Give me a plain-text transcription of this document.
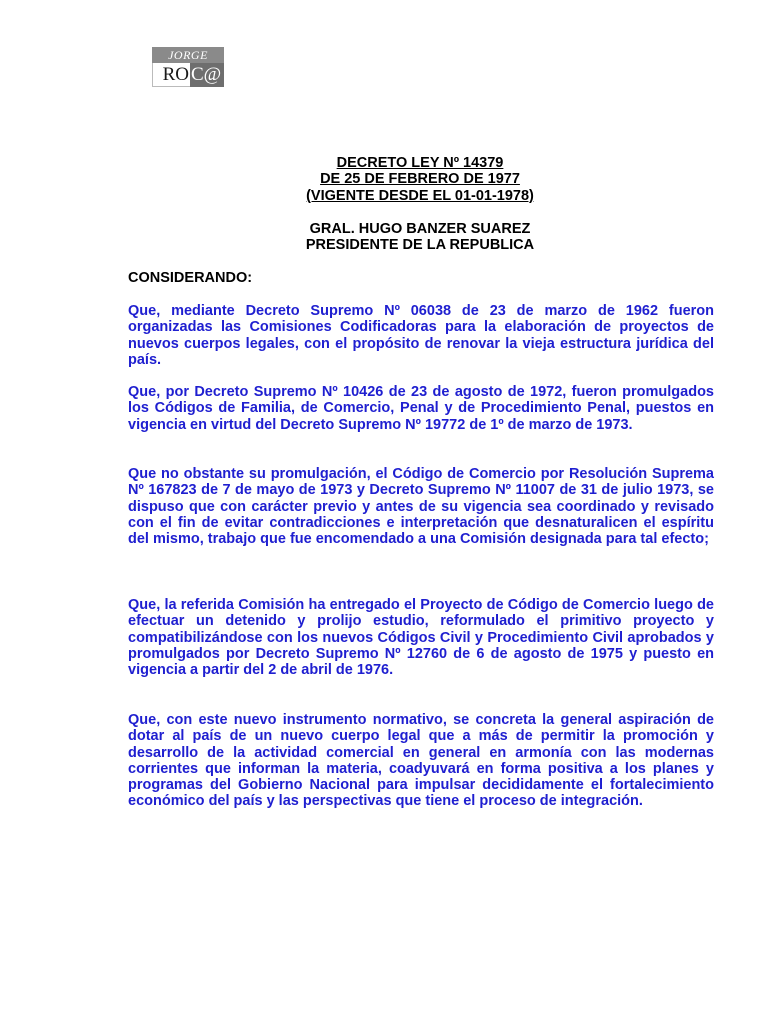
JORGE
RO C@
DECRETO LEY Nº 14379
DE 25 DE FEBRERO DE 1977
(VIGENTE DESDE EL 01-01-1978)
GRAL. HUGO BANZER SUAREZ
PRESIDENTE DE LA REPUBLICA
CONSIDERANDO:
Que, mediante Decreto Supremo Nº 06038 de 23 de marzo de 1962 fueron organizadas las Comisiones Codificadoras para la elaboración de proyectos de nuevos cuerpos legales, con el propósito de renovar la vieja estructura jurídica del país.
Que, por Decreto Supremo Nº 10426 de 23 de agosto de 1972, fueron promulgados los Códigos de Familia, de Comercio, Penal y de Procedimiento Penal, puestos en vigencia en virtud del Decreto Supremo Nº 19772 de 1º de marzo de 1973.
Que no obstante su promulgación, el Código de Comercio por Resolución Suprema Nº 167823 de 7 de mayo de 1973 y Decreto Supremo Nº 11007 de 31 de julio 1973, se dispuso que con carácter previo y antes de su vigencia sea coordinado y revisado con el fin de evitar contradicciones e interpretación que desnaturalicen el espíritu del mismo, trabajo que fue encomendado a una Comisión designada para tal efecto;
Que, la referida Comisión ha entregado el Proyecto de Código de Comercio luego de efectuar un detenido y prolijo estudio, reformulado el primitivo proyecto y compatibilizándose con los nuevos Códigos Civil y Procedimiento Civil aprobados y promulgados por Decreto Supremo Nº 12760 de 6 de agosto de 1975 y puesto en vigencia a partir del 2 de abril de 1976.
Que, con este nuevo instrumento normativo, se concreta la general aspiración de dotar al país de un nuevo cuerpo legal que a más de permitir la promoción y desarrollo de la actividad comercial en general en armonía con las modernas corrientes que informan la materia, coadyuvará en forma positiva a los planes y programas del Gobierno Nacional para impulsar decididamente el fortalecimiento económico del país y las perspectivas que tiene el proceso de integración.
